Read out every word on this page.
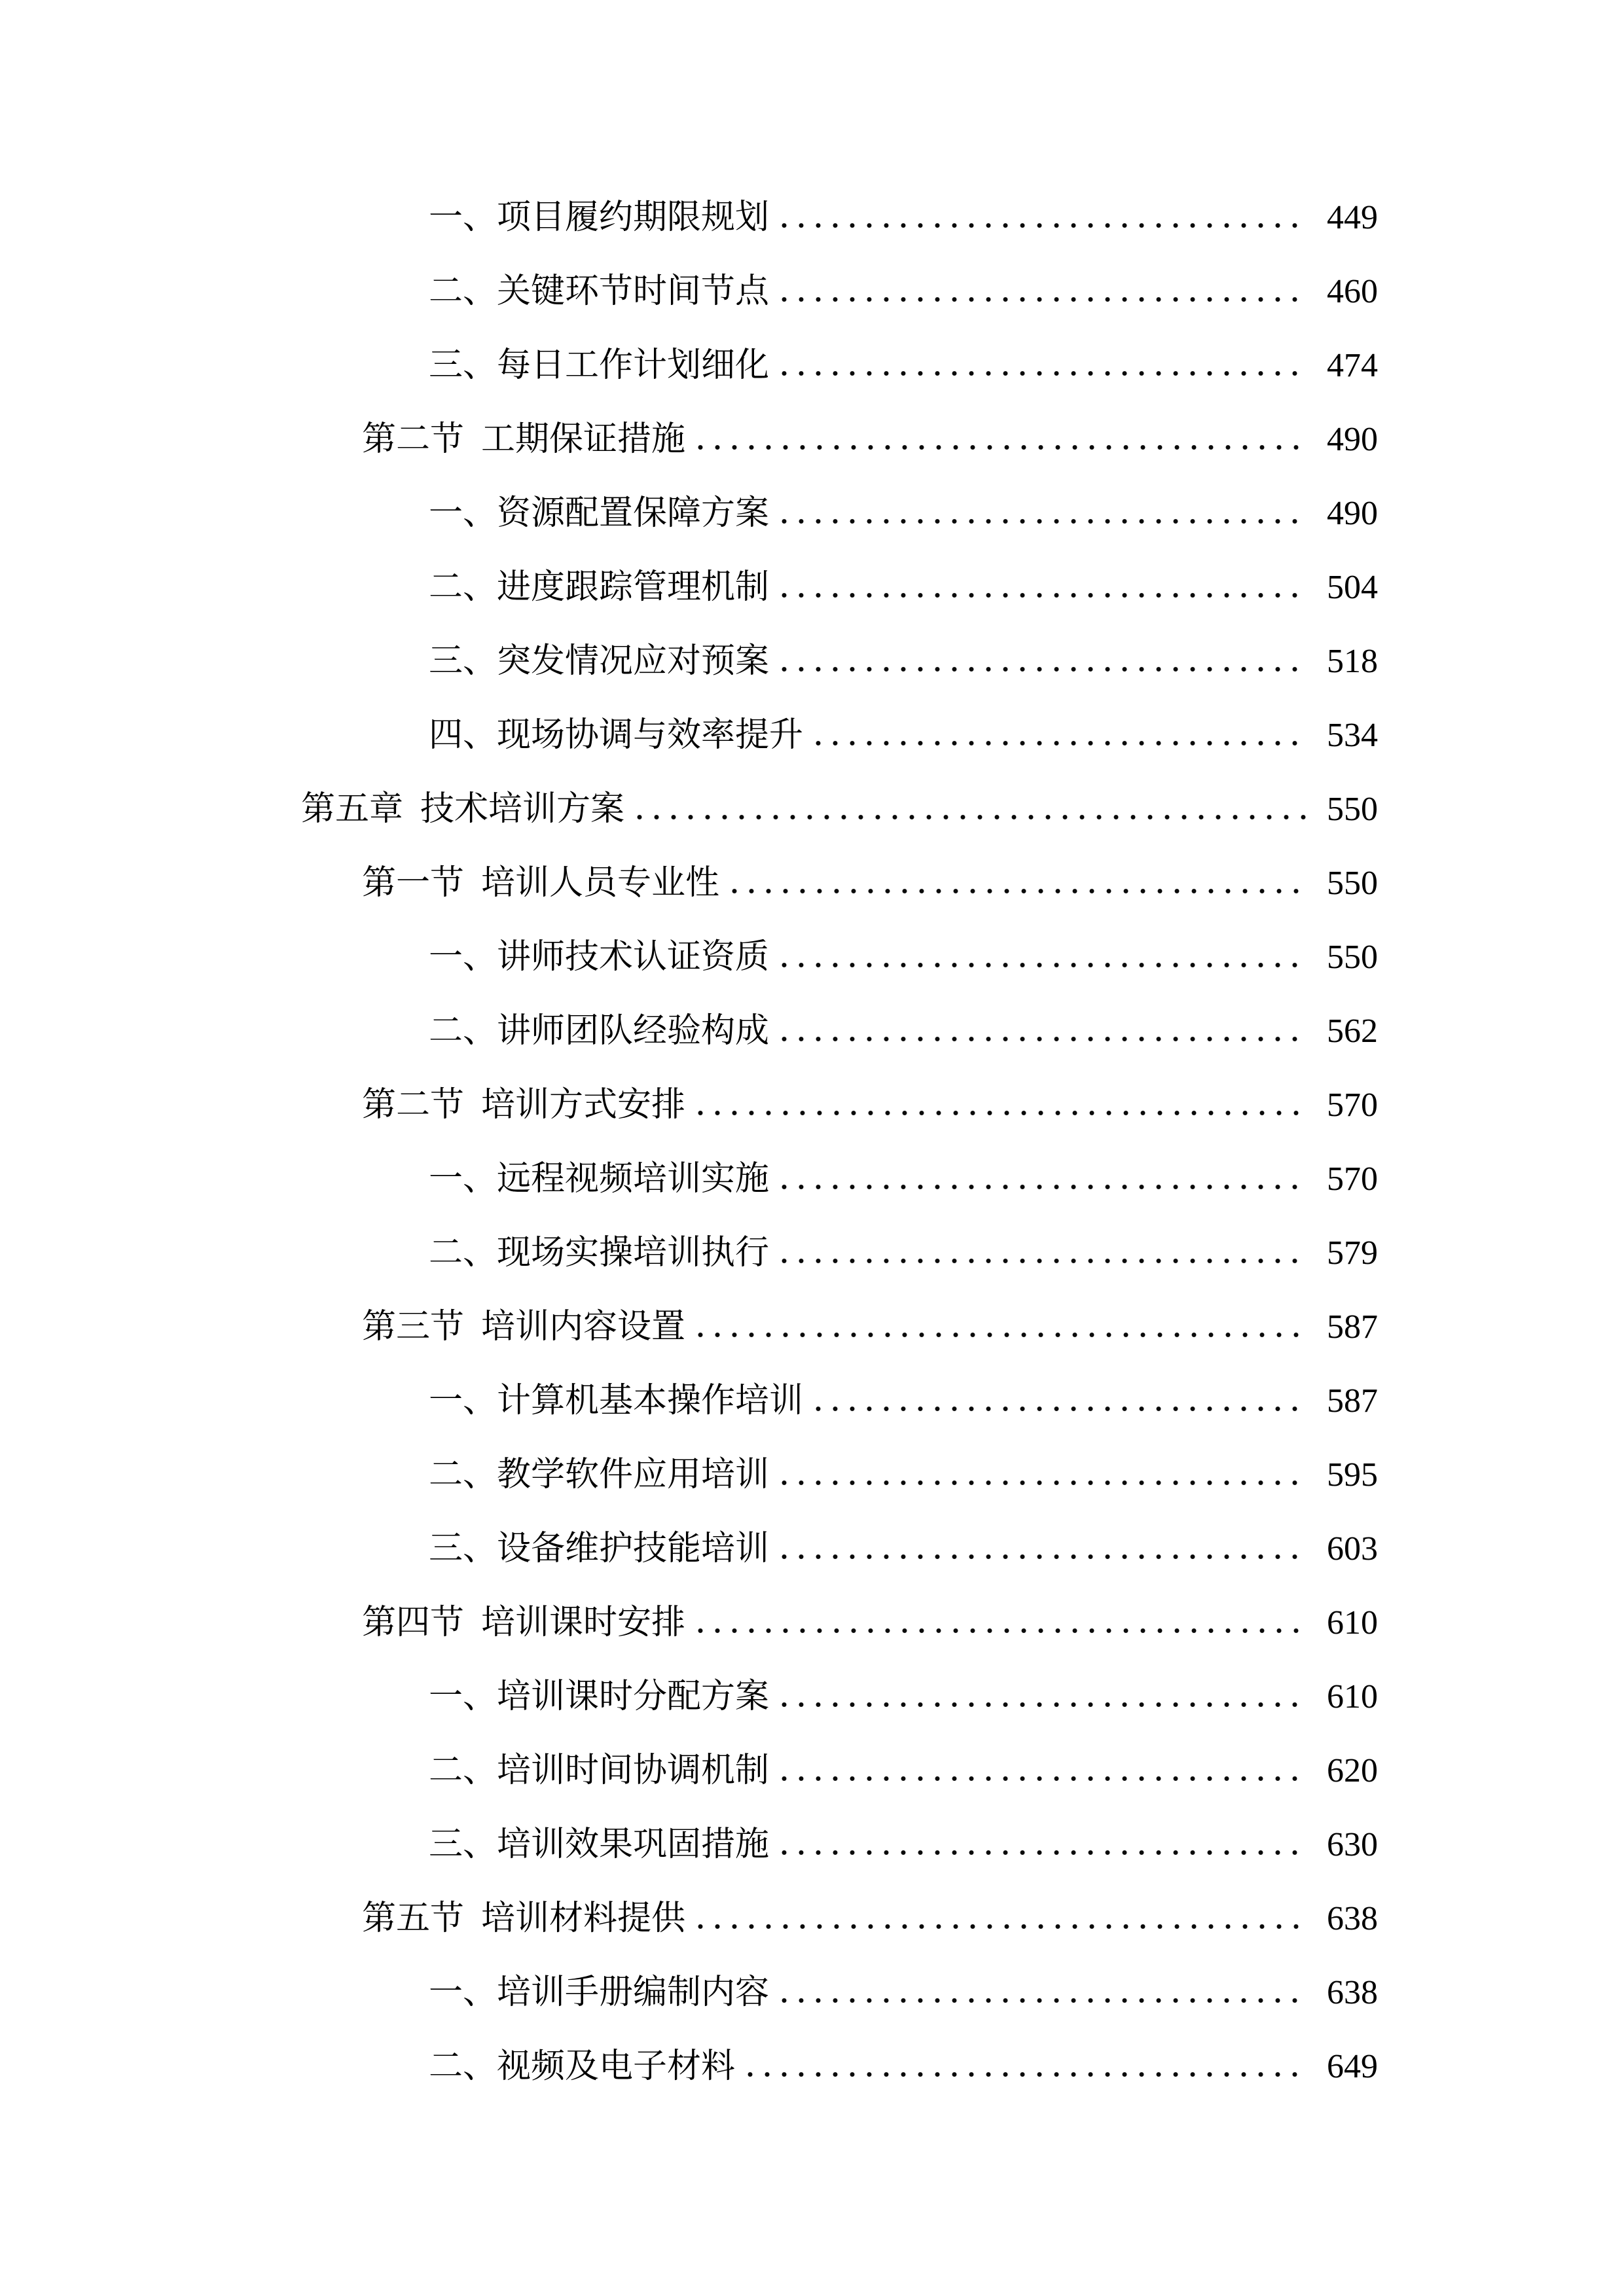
一、 项目履约期限规划	449
二、 关键环节时间节点	460
三、 每日工作计划细化	474
第二节 工期保证措施	490
一、 资源配置保障方案	490
二、 进度跟踪管理机制	504
三、 突发情况应对预案	518
四、 现场协调与效率提升	534
第五章 技术培训方案	550
第一节 培训人员专业性	550
一、 讲师技术认证资质	550
二、 讲师团队经验构成	562
第二节 培训方式安排	570
一、 远程视频培训实施	570
二、 现场实操培训执行	579
第三节 培训内容设置	587
一、 计算机基本操作培训	587
二、 教学软件应用培训	595
三、 设备维护技能培训	603
第四节 培训课时安排	610
一、 培训课时分配方案	610
二、 培训时间协调机制	620
三、 培训效果巩固措施	630
第五节 培训材料提供	638
一、 培训手册编制内容	638
二、 视频及电子材料	649
